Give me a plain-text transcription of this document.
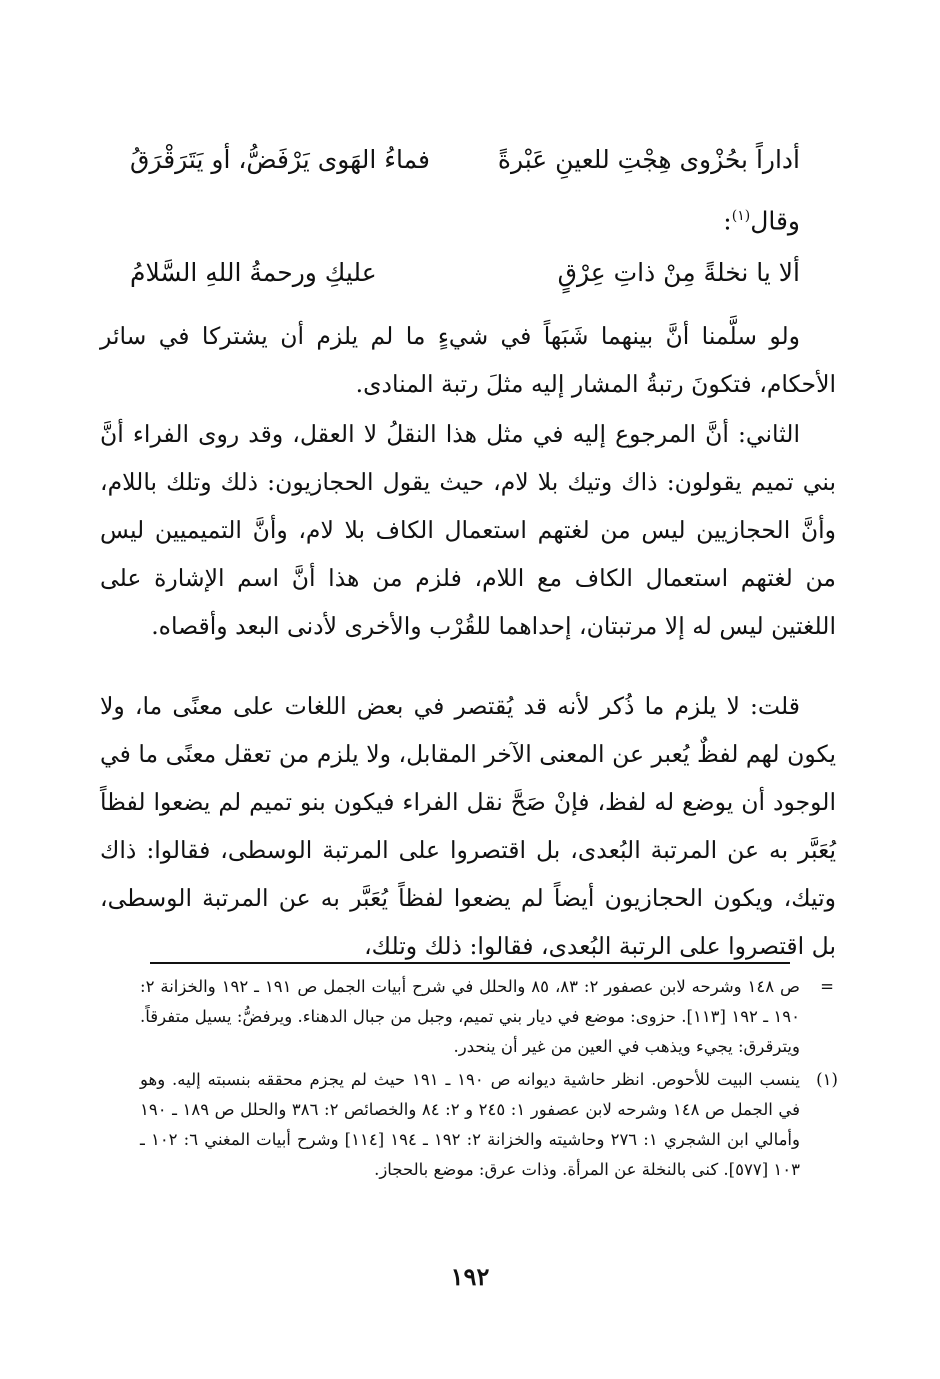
أداراً بحُزْوى هِجْتِ للعينِ عَبْرةً
فماءُ الهَوى يَرْفَضُّ، أو يَتَرَقْرَقُ
وقال$^{(١)}$:
ألا يا نخلةً مِنْ ذاتِ عِرْقٍ
عليكِ ورحمةُ اللهِ السَّلامُ

ولو سلَّمنا أنَّ بينهما شَبَهاً في شيءٍ ما لم يلزم أن يشتركا في سائر الأحكام، فتكونَ رتبةُ المشار إليه مثلَ رتبة المنادى.

الثاني: أنَّ المرجوع إليه في مثل هذا النقلُ لا العقل، وقد روى الفراء أنَّ بني تميم يقولون: ذاك وتيك بلا لام، حيث يقول الحجازيون: ذلك وتلك باللام، وأنَّ الحجازيين ليس من لغتهم استعمال الكاف بلا لام، وأنَّ التميميين ليس من لغتهم استعمال الكاف مع اللام، فلزم من هذا أنَّ اسم الإشارة على اللغتين ليس له إلا مرتبتان، إحداهما للقُرْب والأخرى لأدنى البعد وأقصاه.

قلت: لا يلزم ما ذُكر لأنه قد يُقتصر في بعض اللغات على معنًى ما، ولا يكون لهم لفظٌ يُعبر عن المعنى الآخر المقابل، ولا يلزم من تعقل معنًى ما في الوجود أن يوضع له لفظ، فإنْ صَحَّ نقل الفراء فيكون بنو تميم لم يضعوا لفظاً يُعَبَّر به عن المرتبة البُعدى، بل اقتصروا على المرتبة الوسطى، فقالوا: ذاك وتيك، ويكون الحجازيون أيضاً لم يضعوا لفظاً يُعَبَّر به عن المرتبة الوسطى، بل اقتصروا على الرتبة البُعدى، فقالوا: ذلك وتلك،

=
ص ١٤٨ وشرحه لابن عصفور ٢: ٨٣، ٨٥ والحلل في شرح أبيات الجمل ص ١٩١ ـ ١٩٢ والخزانة ٢: ١٩٠ ـ ١٩٢ [١١٣]. حزوى: موضع في ديار بني تميم، وجبل من جبال الدهناء. ويرفضُّ: يسيل متفرقاً. ويترقرق: يجيء ويذهب في العين من غير أن ينحدر.
(١)
ينسب البيت للأحوص. انظر حاشية ديوانه ص ١٩٠ ـ ١٩١ حيث لم يجزم محققه بنسبته إليه. وهو في الجمل ص ١٤٨ وشرحه لابن عصفور ١: ٢٤٥ و ٢: ٨٤ والخصائص ٢: ٣٨٦ والحلل ص ١٨٩ ـ ١٩٠ وأمالي ابن الشجري ١: ٢٧٦ وحاشيته والخزانة ٢: ١٩٢ ـ ١٩٤ [١١٤] وشرح أبيات المغني ٦: ١٠٢ ـ ١٠٣ [٥٧٧]. كنى بالنخلة عن المرأة. وذات عرق: موضع بالحجاز.
١٩٢
